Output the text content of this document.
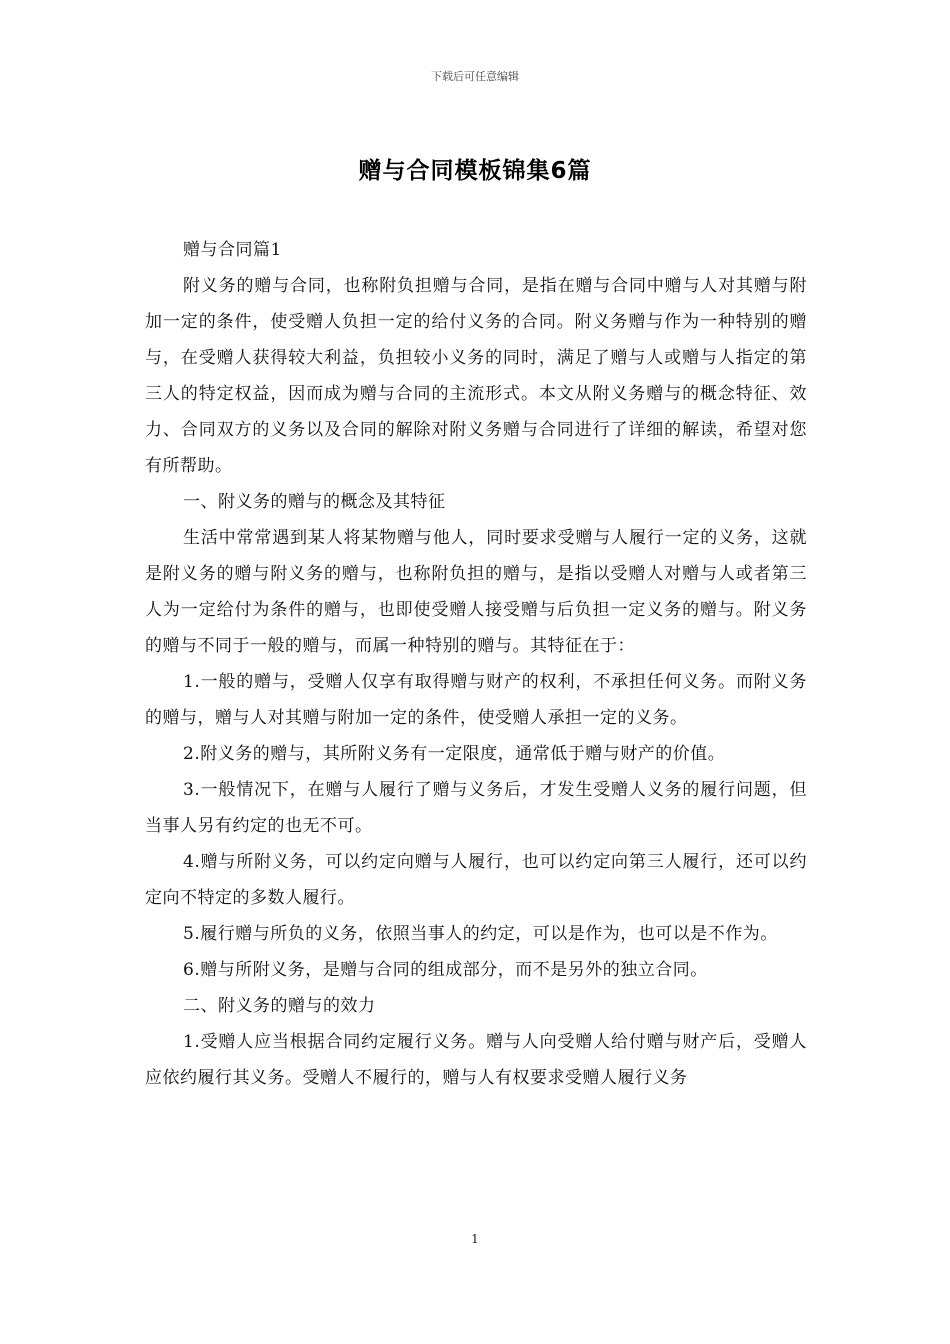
下载后可任意编辑
赠与合同模板锦集6篇

赠与合同篇1

附义务的赠与合同，也称附负担赠与合同，是指在赠与合同中赠与人对其赠与附加一定的条件，使受赠人负担一定的给付义务的合同。附义务赠与作为一种特别的赠与，在受赠人获得较大利益，负担较小义务的同时，满足了赠与人或赠与人指定的第三人的特定权益，因而成为赠与合同的主流形式。本文从附义务赠与的概念特征、效力、合同双方的义务以及合同的解除对附义务赠与合同进行了详细的解读，希望对您有所帮助。

一、附义务的赠与的概念及其特征

生活中常常遇到某人将某物赠与他人，同时要求受赠与人履行一定的义务，这就是附义务的赠与附义务的赠与，也称附负担的赠与，是指以受赠人对赠与人或者第三人为一定给付为条件的赠与，也即使受赠人接受赠与后负担一定义务的赠与。附义务的赠与不同于一般的赠与，而属一种特别的赠与。其特征在于：

1.一般的赠与，受赠人仅享有取得赠与财产的权利，不承担任何义务。而附义务的赠与，赠与人对其赠与附加一定的条件，使受赠人承担一定的义务。

2.附义务的赠与，其所附义务有一定限度，通常低于赠与财产的价值。

3.一般情况下，在赠与人履行了赠与义务后，才发生受赠人义务的履行问题，但当事人另有约定的也无不可。

4.赠与所附义务，可以约定向赠与人履行，也可以约定向第三人履行，还可以约定向不特定的多数人履行。

5.履行赠与所负的义务，依照当事人的约定，可以是作为，也可以是不作为。

6.赠与所附义务，是赠与合同的组成部分，而不是另外的独立合同。

二、附义务的赠与的效力

1.受赠人应当根据合同约定履行义务。赠与人向受赠人给付赠与财产后，受赠人应依约履行其义务。受赠人不履行的，赠与人有权要求受赠人履行义务

1
